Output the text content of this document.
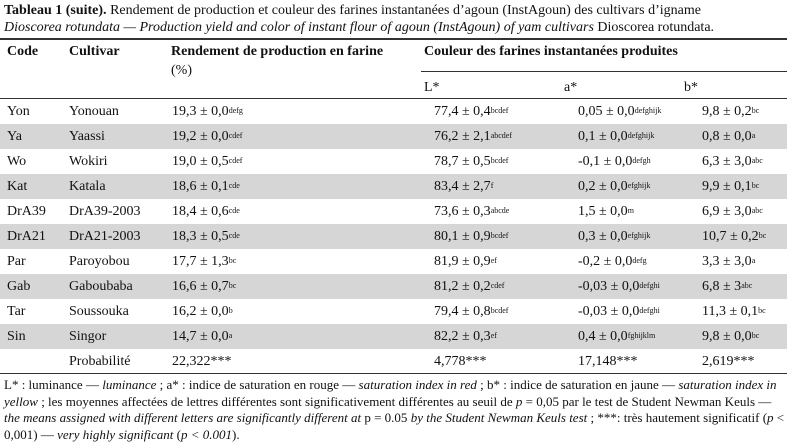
Tableau 1 (suite). Rendement de production et couleur des farines instantanées d’agoun (InstAgoun) des cultivars d’igname
Dioscorea rotundata — Production yield and color of instant flour of agoun (InstAgoun) of yam cultivars Dioscorea rotundata.
Code Cultivar	Rendement de production en farine
(%)
Couleur des farines instantanées produites
L*	a*	b*
Yon	Yonouan	$19,3 \pm 0,0^{defg}$	$77,4 \pm 0,4^{bcdef}$	$0,05 \pm 0,0^{defghijk}$	9,8 ± 0,2$^{bc}$
Ya	Yaassi	$19,2 \pm 0,0^{cdef}$	$76,2 \pm 2,1^{abcdef}$	$0,1 \pm 0,0^{defghijk}$	0,8 ± 0,0$^a$
Wo	Wokiri	$19,0 \pm 0,5^{cdef}$	$78,7 \pm 0,5^{bcdef}$	$-0,1 \pm 0,0^{defgh}$	6,3 ± 3,0$^{abc}$
Kat	Katala	18,6 ± 0,1$^{cde}$	83,4 ± 2,7$^f$	$0,2 \pm 0,0^{efghijk}$	9,9 ± 0,1$^{bc}$
DrA39	DrA39-2003	18,4 ± 0,6$^{cde}$	$73,6 \pm 0,3^{abcde}$	$1,5 \pm 0,0^m$	6,9 ± 3,0$^{abc}$
DrA21	DrA21-2003	18,3 ± 0,5$^{cde}$	$80,1 \pm 0,9^{bcdef}$	$0,3 \pm 0,0^{efghijk}$	10,7 ± 0,2$^{bc}$
Par	Paroyobou	17,7 ± 1,3$^{bc}$	81,9 ± 0,9$^{ef}$	$-0,2 \pm 0,0^{defg}$	3,3 ± 3,0$^a$
Gab	Gaboubaba	16,6 ± 0,7$^{bc}$	$81,2 \pm 0,2^{cdef}$	$-0,03 \pm 0,0^{defghi}$	$6,8 \pm 3^{abc}$
Tar	Soussouka	16,2 ± 0,0$^b$	$79,4 \pm 0,8^{bcdef}$	$-0,03 \pm 0,0^{defghi}$	11,3 ± 0,1$^{bc}$
Sin	Singor	14,7 ± 0,0$^a$	82,2 ± 0,3$^{ef}$	$0,4 \pm 0,0^{fghijklm}$	9,8 ± 0,0$^{bc}$
	Probabilité	22,322***	4,778***	17,148***	2,619***
L* : luminance — luminance ; a* : indice de saturation en rouge — saturation index in red ; b* : indice de saturation en jaune — saturation index in yellow ; les moyennes affectées de lettres différentes sont significativement différentes au seuil de p = 0,05 par le test de Student Newman Keuls — the means assigned with different letters are significantly different at p = 0.05 by the Student Newman Keuls test ; ***: très hautement significatif (p < 0,001) — very highly significant (p < 0.001).
